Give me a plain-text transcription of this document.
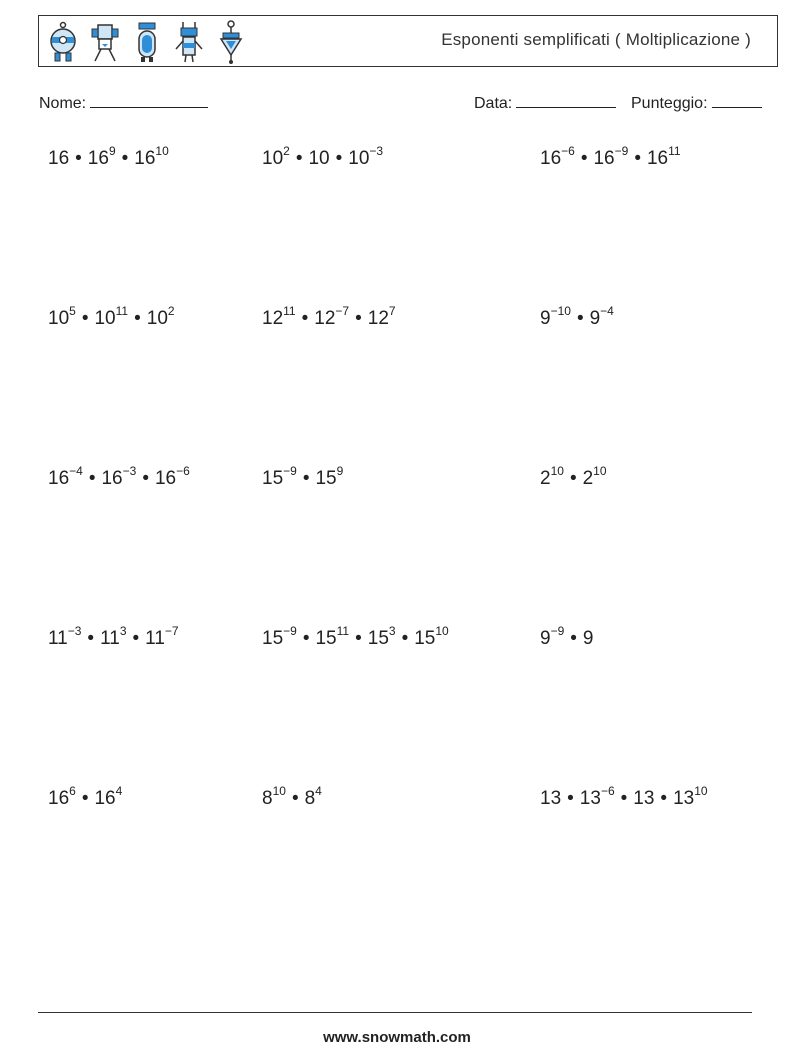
Esponenti semplificati ( Moltiplicazione )
Nome:	Data:	Punteggio:
16 • $16^9$ • $16^{10}$	$10^2$ • 10 • $10^{-3}$	$16^{-6}$ • $16^{-9}$ • $16^{11}$
$10^5$ • $10^{11}$ • $10^2$	$12^{11}$ • $12^{-7}$ • $12^7$	$9^{-10}$ • $9^{-4}$
$16^{-4}$ • $16^{-3}$ • $16^{-6}$	$15^{-9}$ • $15^9$	$2^{10}$ • $2^{10}$
$11^{-3}$ • $11^3$ • $11^{-7}$	$15^{-9}$ • $15^{11}$ • $15^3$ • $15^{10}$	$9^{-9}$ • 9
$16^6$ • $16^4$	$8^{10}$ • $8^4$	13 • $13^{-6}$ • 13 • $13^{10}$
www.snowmath.com
